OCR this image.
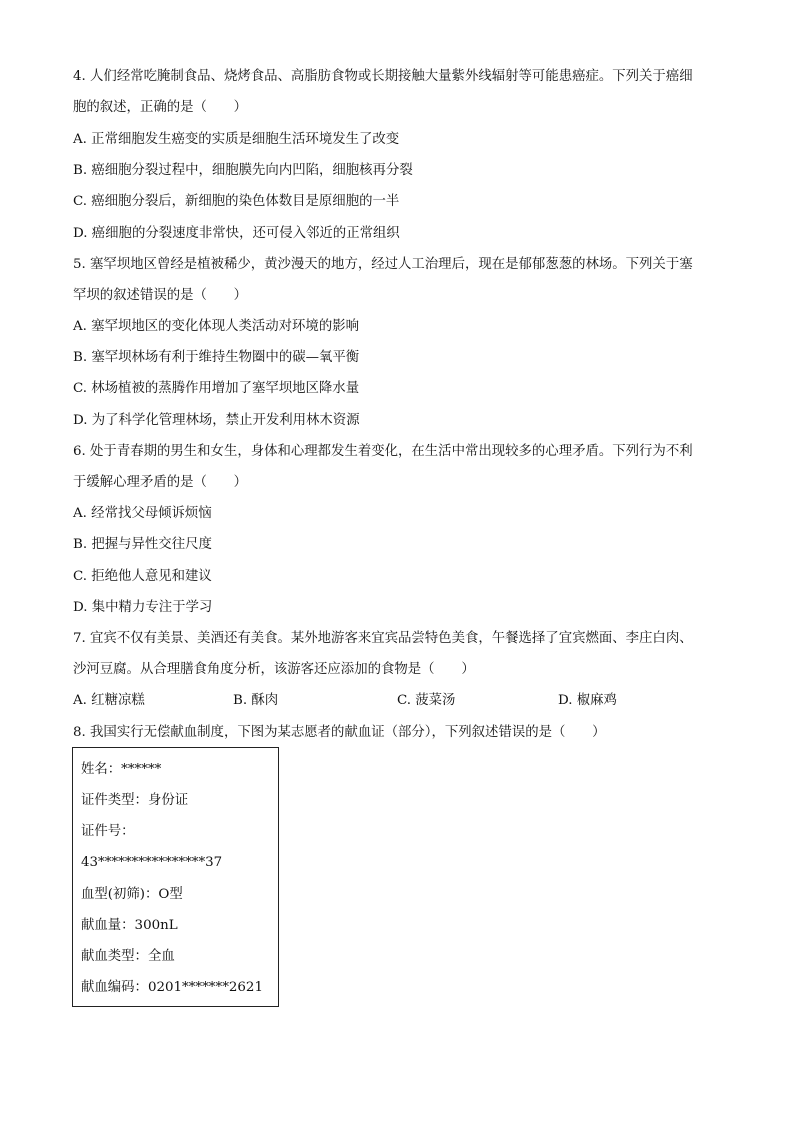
4. 人们经常吃腌制食品、烧烤食品、高脂肪食物或长期接触大量紫外线辐射等可能患癌症。下列关于癌细
胞的叙述，正确的是（　　）
A. 正常细胞发生癌变的实质是细胞生活环境发生了改变
B. 癌细胞分裂过程中，细胞膜先向内凹陷，细胞核再分裂
C. 癌细胞分裂后，新细胞的染色体数目是原细胞的一半
D. 癌细胞的分裂速度非常快，还可侵入邻近的正常组织
5. 塞罕坝地区曾经是植被稀少，黄沙漫天的地方，经过人工治理后，现在是郁郁葱葱的林场。下列关于塞
罕坝的叙述错误的是（　　）
A. 塞罕坝地区的变化体现人类活动对环境的影响
B. 塞罕坝林场有利于维持生物圈中的碳—氧平衡
C. 林场植被的蒸腾作用增加了塞罕坝地区降水量
D. 为了科学化管理林场，禁止开发利用林木资源
6. 处于青春期的男生和女生，身体和心理都发生着变化，在生活中常出现较多的心理矛盾。下列行为不利
于缓解心理矛盾的是（　　）
A. 经常找父母倾诉烦恼
B. 把握与异性交往尺度
C. 拒绝他人意见和建议
D. 集中精力专注于学习
7. 宜宾不仅有美景、美酒还有美食。某外地游客来宜宾品尝特色美食，午餐选择了宜宾燃面、李庄白肉、
沙河豆腐。从合理膳食角度分析，该游客还应添加的食物是（　　）
A. 红糖凉糕	B. 酥肉	C. 菠菜汤	D. 椒麻鸡
8. 我国实行无偿献血制度，下图为某志愿者的献血证（部分），下列叙述错误的是（　　）
姓名：******
证件类型：身份证
证件号：
43****************37
血型(初筛)：O型
献血量：300nL
献血类型：全血
献血编码：0201*******2621
